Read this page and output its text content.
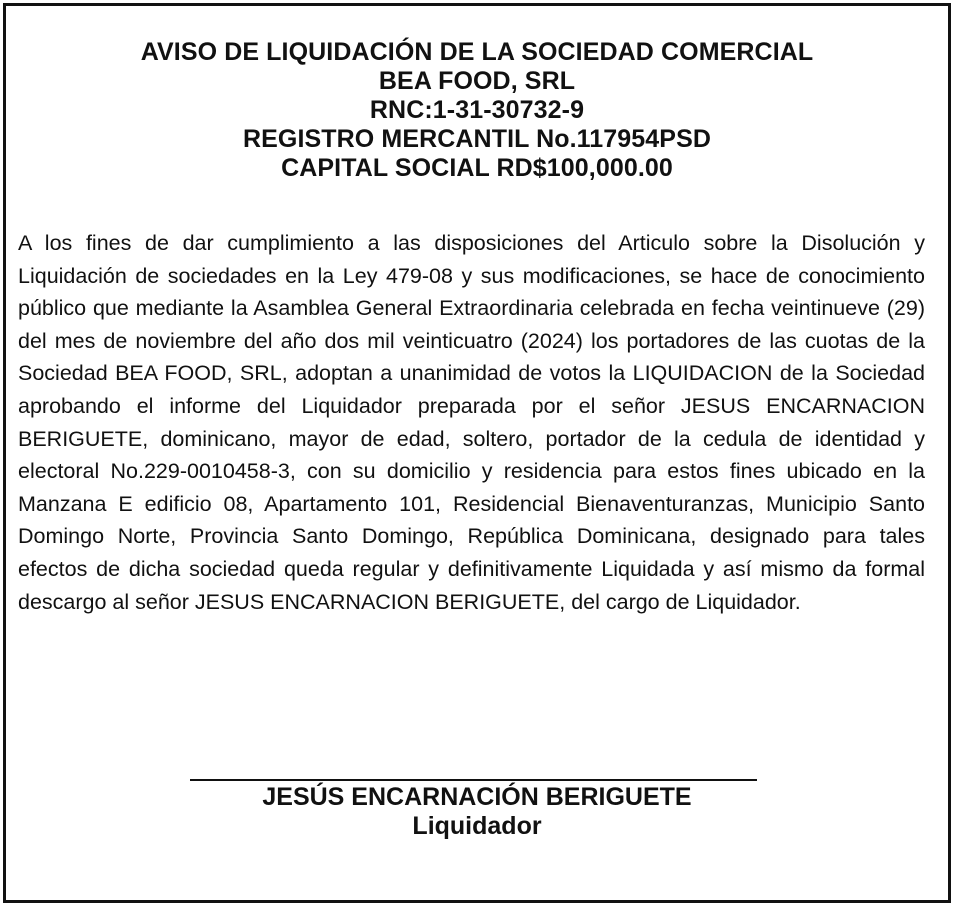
AVISO DE LIQUIDACIÓN DE LA SOCIEDAD COMERCIAL
BEA FOOD, SRL
RNC:1-31-30732-9
REGISTRO MERCANTIL No.117954PSD
CAPITAL SOCIAL RD$100,000.00
A los fines de dar cumplimiento a las disposiciones del Articulo sobre la Disolución y Liquidación de sociedades en la Ley 479-08 y sus modificaciones, se hace de conocimiento público que mediante la Asamblea General Extraordinaria celebrada en fecha veintinueve (29) del mes de noviembre del año dos mil veinticuatro (2024) los portadores de las cuotas de la Sociedad BEA FOOD, SRL, adoptan a unanimidad de votos la LIQUIDACION de la Sociedad aprobando el informe del Liquidador preparada por el señor JESUS ENCARNACION BERIGUETE, dominicano, mayor de edad, soltero, portador de la cedula de identidad y electoral No.229-0010458-3, con su domicilio y residencia para estos fines ubicado en la Manzana E edificio 08, Apartamento 101, Residencial Bienaventuranzas, Municipio Santo Domingo Norte, Provincia Santo Domingo, República Dominicana, designado para tales efectos de dicha sociedad queda regular y definitivamente Liquidada y así mismo da formal descargo al señor JESUS ENCARNACION BERIGUETE, del cargo de Liquidador.
JESÚS ENCARNACIÓN BERIGUETE
Liquidador
